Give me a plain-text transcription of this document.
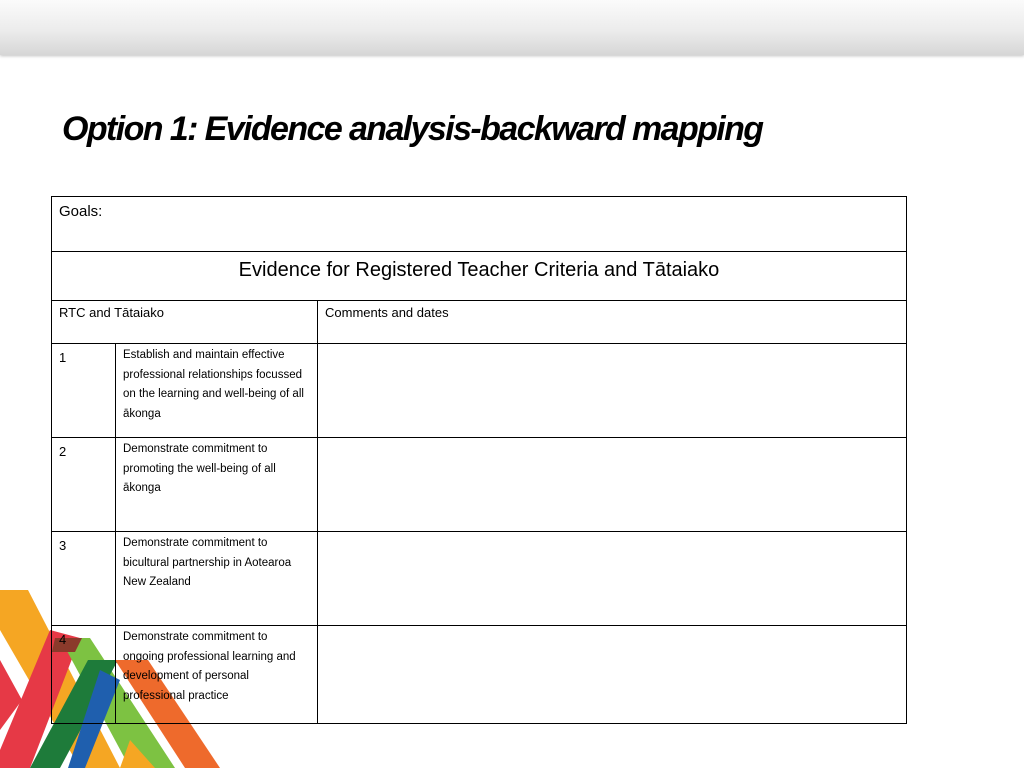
Option 1: Evidence analysis-backward mapping
Goals:		
Evidence for Registered Teacher Criteria and Tātaiako		
RTC and Tātaiako		Comments and dates
1	Establish and maintain effective professional relationships focussed on the learning and well-being of all ākonga	
2	Demonstrate commitment to promoting the well-being of all ākonga	
3	Demonstrate commitment to bicultural partnership in Aotearoa New Zealand	
4	Demonstrate commitment to ongoing professional learning and development of personal professional practice	
